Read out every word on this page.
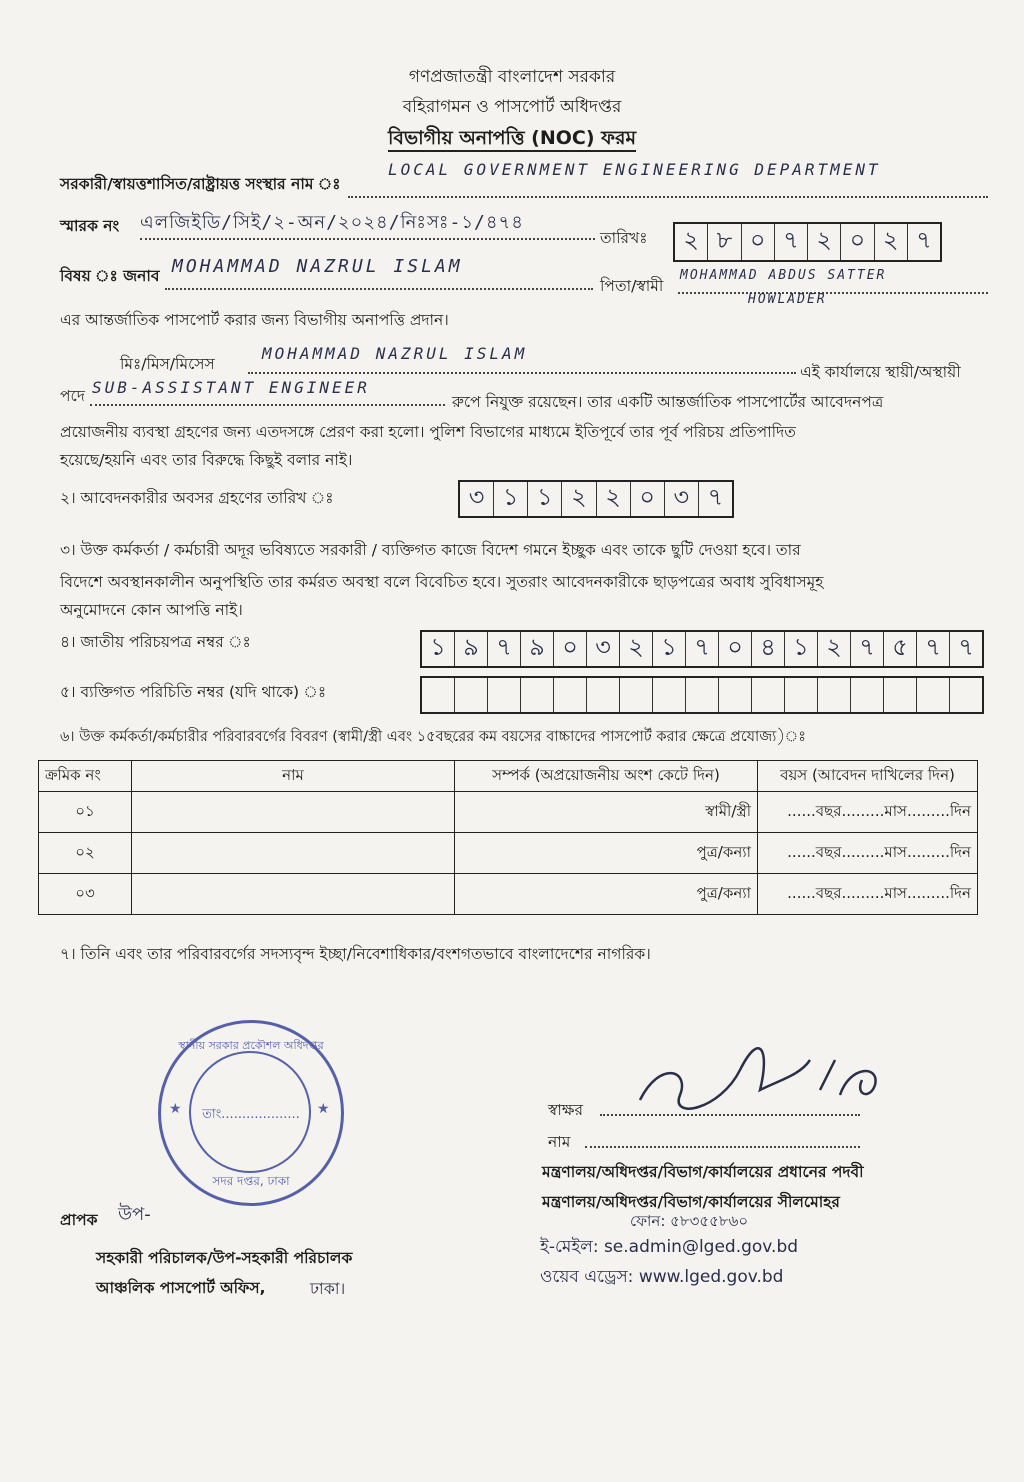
গণপ্রজাতন্ত্রী বাংলাদেশ সরকার
বহিরাগমন ও পাসপোর্ট অধিদপ্তর
বিভাগীয় অনাপত্তি (NOC) ফরম
সরকারী/স্বায়ত্তশাসিত/রাষ্ট্রায়ত্ত সংস্থার নাম ঃ
LOCAL GOVERNMENT ENGINEERING DEPARTMENT
স্মারক নং এলজিইডি/সিই/২-অন/২০২৪/নিঃসঃ-১/৪৭৪
তারিখঃ	২ ৮ ০ ৭ ২ ০ ২ ৭
বিষয় ঃ জনাব MOHAMMAD NAZRUL ISLAM
পিতা/স্বামী
MOHAMMAD ABDUS SATTER
HOWLADER
এর আন্তর্জাতিক পাসপোর্ট করার জন্য বিভাগীয় অনাপত্তি প্রদান।
মিঃ/মিস/মিসেস
MOHAMMAD NAZRUL ISLAM
এই কার্যালয়ে স্থায়ী/অস্থায়ী
পদে SUB-ASSISTANT ENGINEER
রুপে নিযুক্ত রয়েছেন। তার একটি আন্তর্জাতিক পাসপোর্টের আবেদনপত্র
প্রয়োজনীয় ব্যবস্থা গ্রহণের জন্য এতদসঙ্গে প্রেরণ করা হলো। পুলিশ বিভাগের মাধ্যমে ইতিপূর্বে তার পূর্ব পরিচয় প্রতিপাদিত
হয়েছে/হয়নি এবং তার বিরুদ্ধে কিছুই বলার নাই।
২। আবেদনকারীর অবসর গ্রহণের তারিখ ঃ	৩ ১ ১ ২ ২ ০ ৩ ৭
৩। উক্ত কর্মকর্তা / কর্মচারী অদূর ভবিষ্যতে সরকারী / ব্যক্তিগত কাজে বিদেশ গমনে ইচ্ছুক এবং তাকে ছুটি দেওয়া হবে। তার
বিদেশে অবস্থানকালীন অনুপস্থিতি তার কর্মরত অবস্থা বলে বিবেচিত হবে। সুতরাং আবেদনকারীকে ছাড়পত্রের অবাধ সুবিধাসমূহ
অনুমোদনে কোন আপত্তি নাই।
৪। জাতীয় পরিচয়পত্র নম্বর ঃ	১ ৯ ৭ ৯ ০ ৩ ২ ১ ৭ ০ ৪ ১ ২ ৭ ৫ ৭ ৭
৫। ব্যক্তিগত পরিচিতি নম্বর (যদি থাকে) ঃ
৬। উক্ত কর্মকর্তা/কর্মচারীর পরিবারবর্গের বিবরণ (স্বামী/স্ত্রী এবং ১৫বছরের কম বয়সের বাচ্চাদের পাসপোর্ট করার ক্ষেত্রে প্রযোজ্য)ঃ
ক্রমিক নং	নাম	সম্পর্ক (অপ্রয়োজনীয় অংশ কেটে দিন)	বয়স (আবেদন দাখিলের দিন)
০১		স্বামী/স্ত্রী	......বছর.........মাস.........দিন
০২		পুত্র/কন্যা	......বছর.........মাস.........দিন
০৩		পুত্র/কন্যা	......বছর.........মাস.........দিন
৭। তিনি এবং তার পরিবারবর্গের সদস্যবৃন্দ ইচ্ছা/নিবেশাধিকার/বংশগতভাবে বাংলাদেশের নাগরিক।
স্থানীয় সরকার প্রকৌশল অধিদপ্তর
তাং...................
সদর দপ্তর, ঢাকা
★	★	স্বাক্ষর
নাম
মন্ত্রণালয়/অধিদপ্তর/বিভাগ/কার্যালয়ের প্রধানের পদবী
মন্ত্রণালয়/অধিদপ্তর/বিভাগ/কার্যালয়ের সীলমোহর
ফোন: ৫৮৩৫৫৮৬০
ই-মেইল: se.admin@lged.gov.bd
ওয়েব এড্রেস: www.lged.gov.bd
প্রাপক উপ-
সহকারী পরিচালক/উপ-সহকারী পরিচালক
আঞ্চলিক পাসপোর্ট অফিস,	ঢাকা।
